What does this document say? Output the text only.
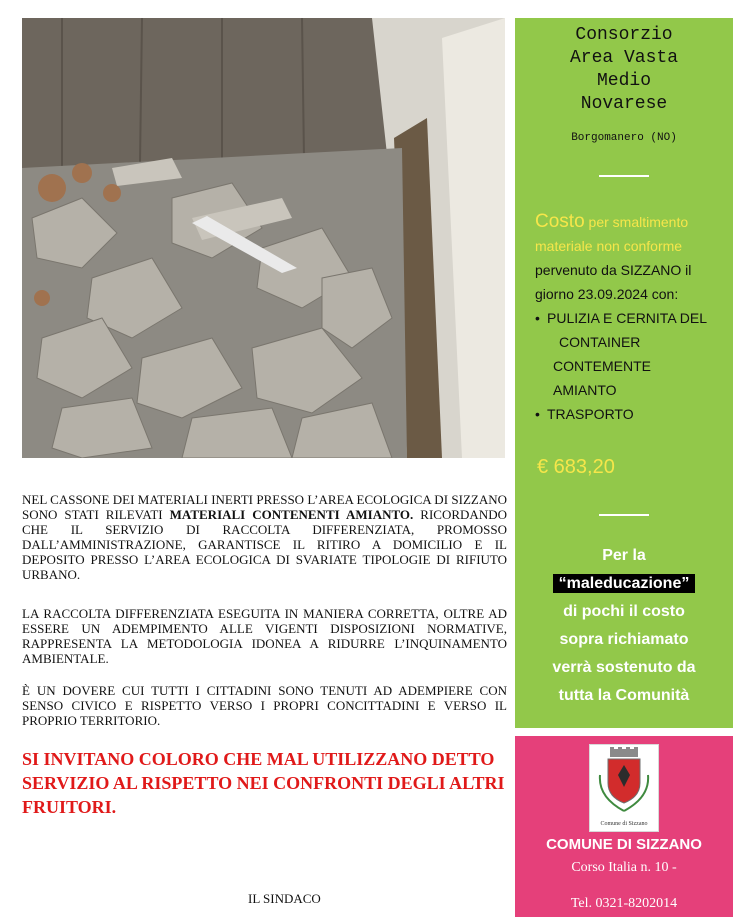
Consorzio
Area Vasta
Medio
Novarese
Borgomanero (NO)
Costo per smaltimento
materiale non conforme
pervenuto da SIZZANO il
giorno 23.09.2024 con:
• PULIZIA E CERNITA DEL
CONTAINER
CONTEMENTE
AMIANTO
• TRASPORTO
€ 683,20
Per la
“maleducazione”
di pochi il costo
sopra richiamato
verrà sostenuto da
tutta la Comunità
Comune di Sizzano
COMUNE DI SIZZANO
Corso Italia n. 10 -
Tel. 0321-8202014
NEL CASSONE DEI MATERIALI INERTI PRESSO L’AREA ECOLOGICA DI SIZZANO SONO STATI RILEVATI MATERIALI CONTENENTI AMIANTO. RICORDANDO CHE IL SERVIZIO DI RACCOLTA DIFFERENZIATA, PROMOSSO DALL’AMMINISTRAZIONE, GARANTISCE IL RITIRO A DOMICILIO E IL DEPOSITO PRESSO L’AREA ECOLOGICA DI SVARIATE TIPOLOGIE DI RIFIUTO URBANO.
LA RACCOLTA DIFFERENZIATA ESEGUITA IN MANIERA CORRETTA, OLTRE AD ESSERE UN ADEMPIMENTO ALLE VIGENTI DISPOSIZIONI NORMATIVE, RAPPRESENTA LA METODOLOGIA IDONEA A RIDURRE L’INQUINAMENTO AMBIENTALE.
È UN DOVERE CUI TUTTI I CITTADINI SONO TENUTI AD ADEMPIERE CON SENSO CIVICO E RISPETTO VERSO I PROPRI CONCITTADINI E VERSO IL PROPRIO TERRITORIO.
SI INVITANO COLORO CHE MAL UTILIZZANO DETTO SERVIZIO AL RISPETTO NEI CONFRONTI DEGLI ALTRI FRUITORI.
IL SINDACO
